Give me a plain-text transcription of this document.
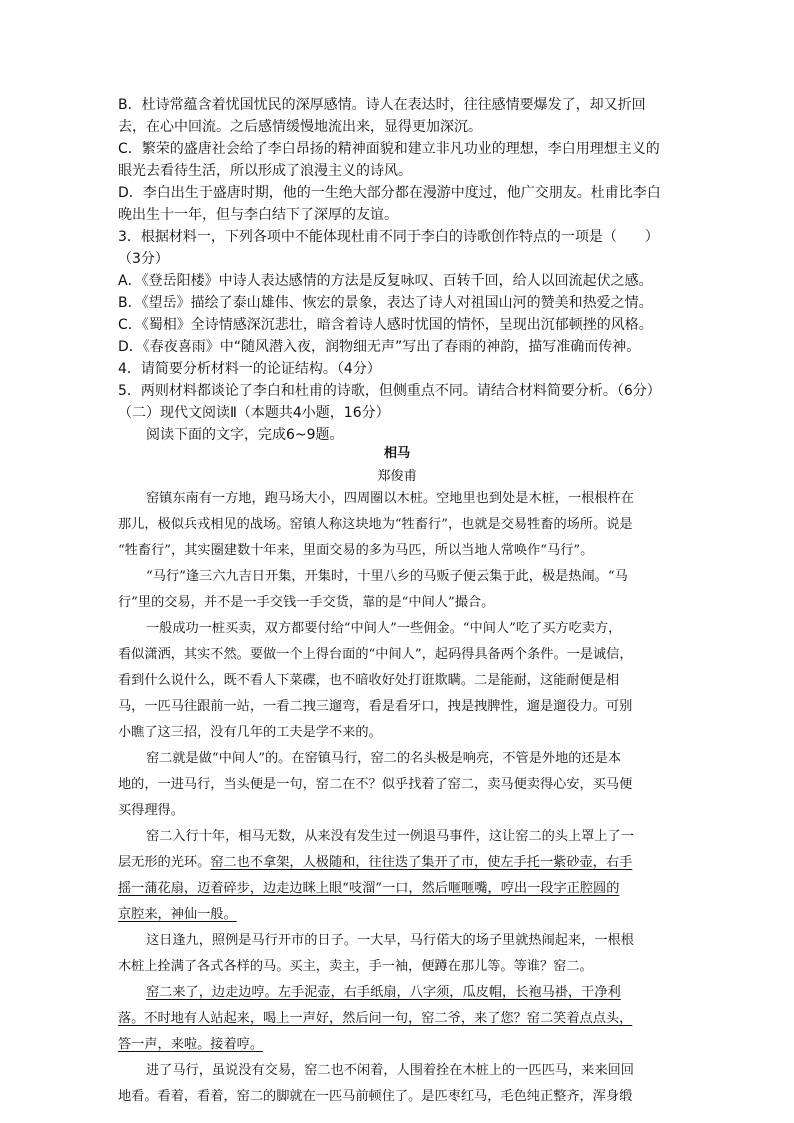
B．杜诗常蕴含着忧国忧民的深厚感情。诗人在表达时，往往感情要爆发了，却又折回
去，在心中回流。之后感情缓慢地流出来，显得更加深沉。
C．繁荣的盛唐社会给了李白昂扬的精神面貌和建立非凡功业的理想，李白用理想主义的
眼光去看待生活，所以形成了浪漫主义的诗风。
D．李白出生于盛唐时期，他的一生绝大部分都在漫游中度过，他广交朋友。杜甫比李白
晚出生十一年，但与李白结下了深厚的友谊。
3．根据材料一，下列各项中不能体现杜甫不同于李白的诗歌创作特点的一项是（　　）
（3分）
A．《登岳阳楼》中诗人表达感情的方法是反复咏叹、百转千回，给人以回流起伏之感。
B．《望岳》描绘了泰山雄伟、恢宏的景象，表达了诗人对祖国山河的赞美和热爱之情。
C．《蜀相》全诗情感深沉悲壮，暗含着诗人感时忧国的情怀，呈现出沉郁顿挫的风格。
D．《春夜喜雨》中“随风潜入夜，润物细无声”写出了春雨的神韵，描写准确而传神。
4．请简要分析材料一的论证结构。（4分）
5．两则材料都谈论了李白和杜甫的诗歌，但侧重点不同。请结合材料简要分析。（6分）
（二）现代文阅读Ⅱ（本题共4小题，16分）
阅读下面的文字，完成6~9题。
相马
郑俊甫
窑镇东南有一方地，跑马场大小，四周圈以木桩。空地里也到处是木桩，一根根杵在
那儿，极似兵戎相见的战场。窑镇人称这块地为“牲畜行”，也就是交易牲畜的场所。说是
“牲畜行”，其实圈建数十年来，里面交易的多为马匹，所以当地人常唤作“马行”。
“马行”逢三六九吉日开集，开集时，十里八乡的马贩子便云集于此，极是热闹。“马
行”里的交易，并不是一手交钱一手交货，靠的是“中间人”撮合。
一般成功一桩买卖，双方都要付给“中间人”一些佣金。“中间人”吃了买方吃卖方，
看似潇洒，其实不然。要做一个上得台面的“中间人”，起码得具备两个条件。一是诚信，
看到什么说什么，既不看人下菜碟，也不暗收好处打诳欺瞒。二是能耐，这能耐便是相
马，一匹马往跟前一站，一看二拽三遛弯，看是看牙口，拽是拽脾性，遛是遛役力。可别
小瞧了这三招，没有几年的工夫是学不来的。
窑二就是做“中间人”的。在窑镇马行，窑二的名头极是响亮，不管是外地的还是本
地的，一进马行，当头便是一句，窑二在不？似乎找着了窑二，卖马便卖得心安，买马便
买得理得。
窑二入行十年，相马无数，从来没有发生过一例退马事件，这让窑二的头上罩上了一
层无形的光环。窑二也不拿架，人极随和，往往迭了集开了市，使左手托一紫砂壶，右手
摇一蒲花扇，迈着碎步，边走边眯上眼“吱溜”一口，然后咂咂嘴，哼出一段字正腔圆的
京腔来，神仙一般。
这日逢九，照例是马行开市的日子。一大早，马行偌大的场子里就热闹起来，一根根
木桩上拴满了各式各样的马。买主，卖主，手一袖，便蹲在那儿等。等谁？窑二。
窑二来了，边走边哼。左手泥壶，右手纸扇，八字须，瓜皮帽，长袍马褂，干净利
落。不时地有人站起来，喝上一声好，然后问一句，窑二爷，来了您？窑二笑着点点头，
答一声，来啦。接着哼。
进了马行，虽说没有交易，窑二也不闲着，人围着拴在木桩上的一匹匹马，来来回回
地看。看着，看着，窑二的脚就在一匹马前顿住了。是匹枣红马，毛色纯正整齐，浑身缎
